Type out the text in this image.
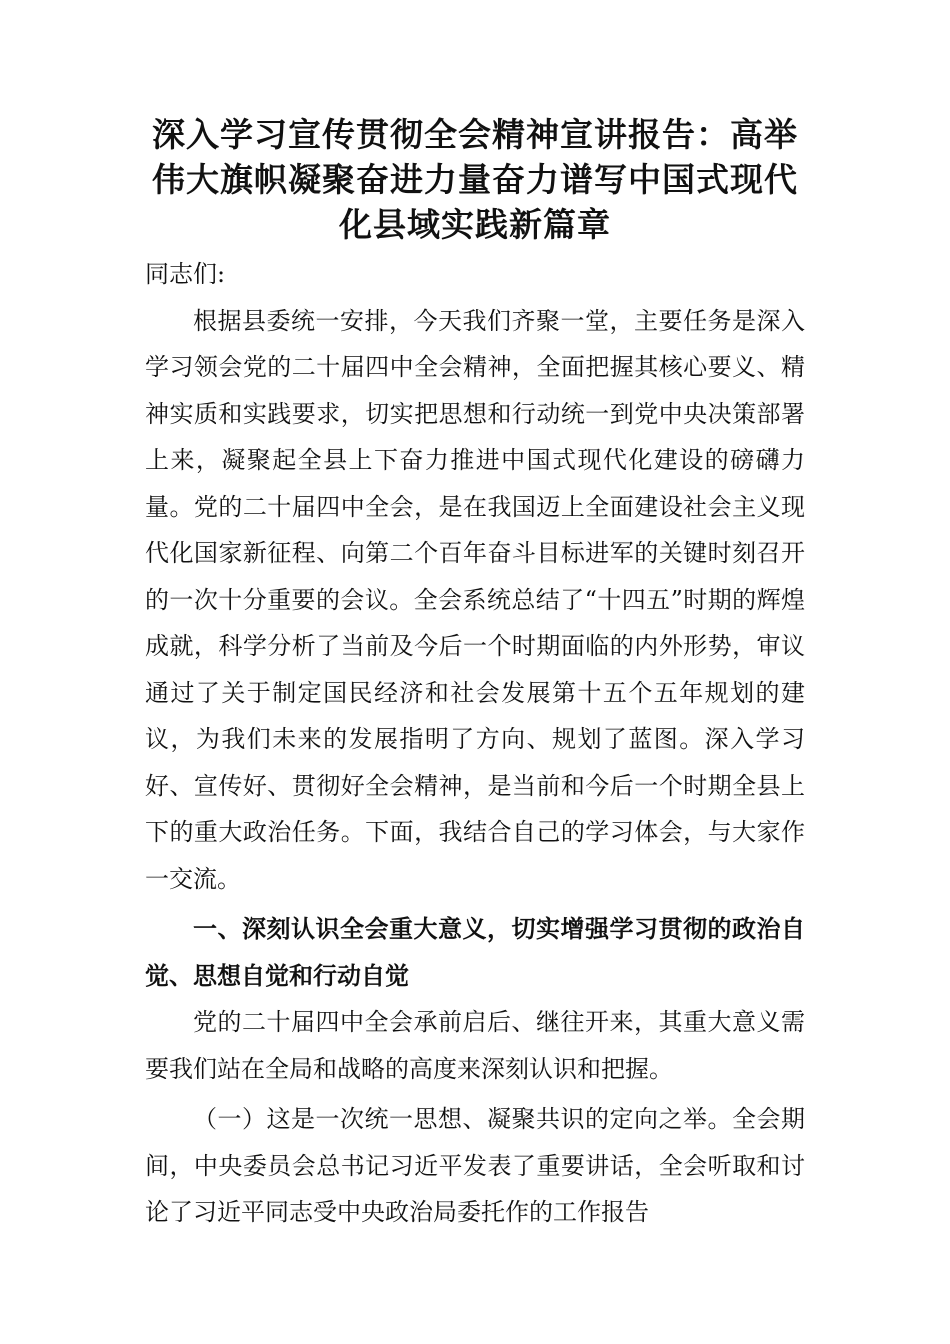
深入学习宣传贯彻全会精神宣讲报告：高举伟大旗帜凝聚奋进力量奋力谱写中国式现代化县域实践新篇章

同志们:

根据县委统一安排，今天我们齐聚一堂，主要任务是深入学习领会党的二十届四中全会精神，全面把握其核心要义、精神实质和实践要求，切实把思想和行动统一到党中央决策部署上来，凝聚起全县上下奋力推进中国式现代化建设的磅礴力量。党的二十届四中全会，是在我国迈上全面建设社会主义现代化国家新征程、向第二个百年奋斗目标进军的关键时刻召开的一次十分重要的会议。全会系统总结了“十四五”时期的辉煌成就，科学分析了当前及今后一个时期面临的内外形势，审议通过了关于制定国民经济和社会发展第十五个五年规划的建议，为我们未来的发展指明了方向、规划了蓝图。深入学习好、宣传好、贯彻好全会精神，是当前和今后一个时期全县上下的重大政治任务。下面，我结合自己的学习体会，与大家作一交流。

一、深刻认识全会重大意义，切实增强学习贯彻的政治自觉、思想自觉和行动自觉

党的二十届四中全会承前启后、继往开来，其重大意义需要我们站在全局和战略的高度来深刻认识和把握。

（一）这是一次统一思想、凝聚共识的定向之举。全会期间，中央委员会总书记习近平发表了重要讲话，全会听取和讨论了习近平同志受中央政治局委托作的工作报告
